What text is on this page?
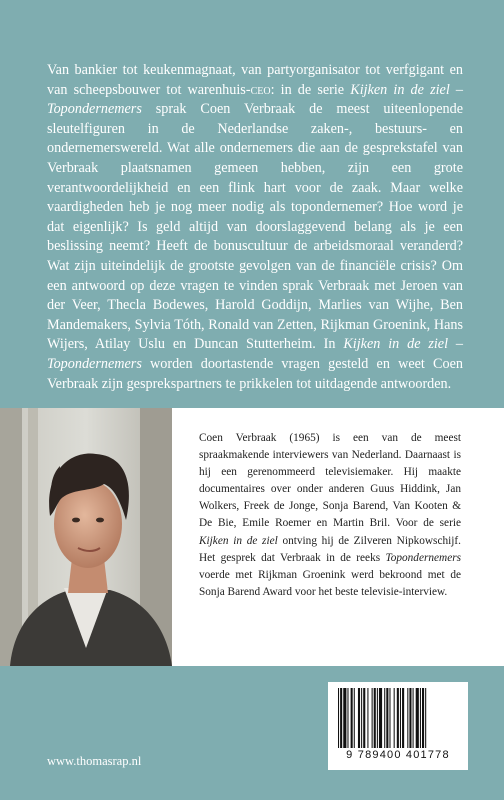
Van bankier tot keukenmagnaat, van partyorganisator tot verfgigant en van scheepsbouwer tot warenhuis-ceo: in de serie Kijken in de ziel – Topondernemers sprak Coen Verbraak de meest uiteenlopende sleutelfiguren in de Nederlandse zaken-, bestuurs- en ondernemerswereld. Wat alle ondernemers die aan de gesprekstafel van Verbraak plaatsnamen gemeen hebben, zijn een grote verantwoordelijkheid en een flink hart voor de zaak. Maar welke vaardigheden heb je nog meer nodig als topondernemer? Hoe word je dat eigenlijk? Is geld altijd van doorslaggevend belang als je een beslissing neemt? Heeft de bonuscultuur de arbeidsmoraal veranderd? Wat zijn uiteindelijk de grootste gevolgen van de financiële crisis? Om een antwoord op deze vragen te vinden sprak Verbraak met Jeroen van der Veer, Thecla Bodewes, Harold Goddijn, Marlies van Wijhe, Ben Mandemakers, Sylvia Tóth, Ronald van Zetten, Rijkman Groenink, Hans Wijers, Atilay Uslu en Duncan Stutterheim. In Kijken in de ziel – Topondernemers worden doortastende vragen gesteld en weet Coen Verbraak zijn gesprekspartners te prikkelen tot uitdagende antwoorden.

Coen Verbraak (1965) is een van de meest spraakmakende interviewers van Nederland. Daarnaast is hij een gerenommeerd televisiemaker. Hij maakte documentaires over onder anderen Guus Hiddink, Jan Wolkers, Freek de Jonge, Sonja Barend, Van Kooten & De Bie, Emile Roemer en Martin Bril. Voor de serie Kijken in de ziel ontving hij de Zilveren Nipkowschijf. Het gesprek dat Verbraak in de reeks Topondernemers voerde met Rijkman Groenink werd bekroond met de Sonja Barend Award voor het beste televisie-interview.

9 789400 401778
www.thomasrap.nl
